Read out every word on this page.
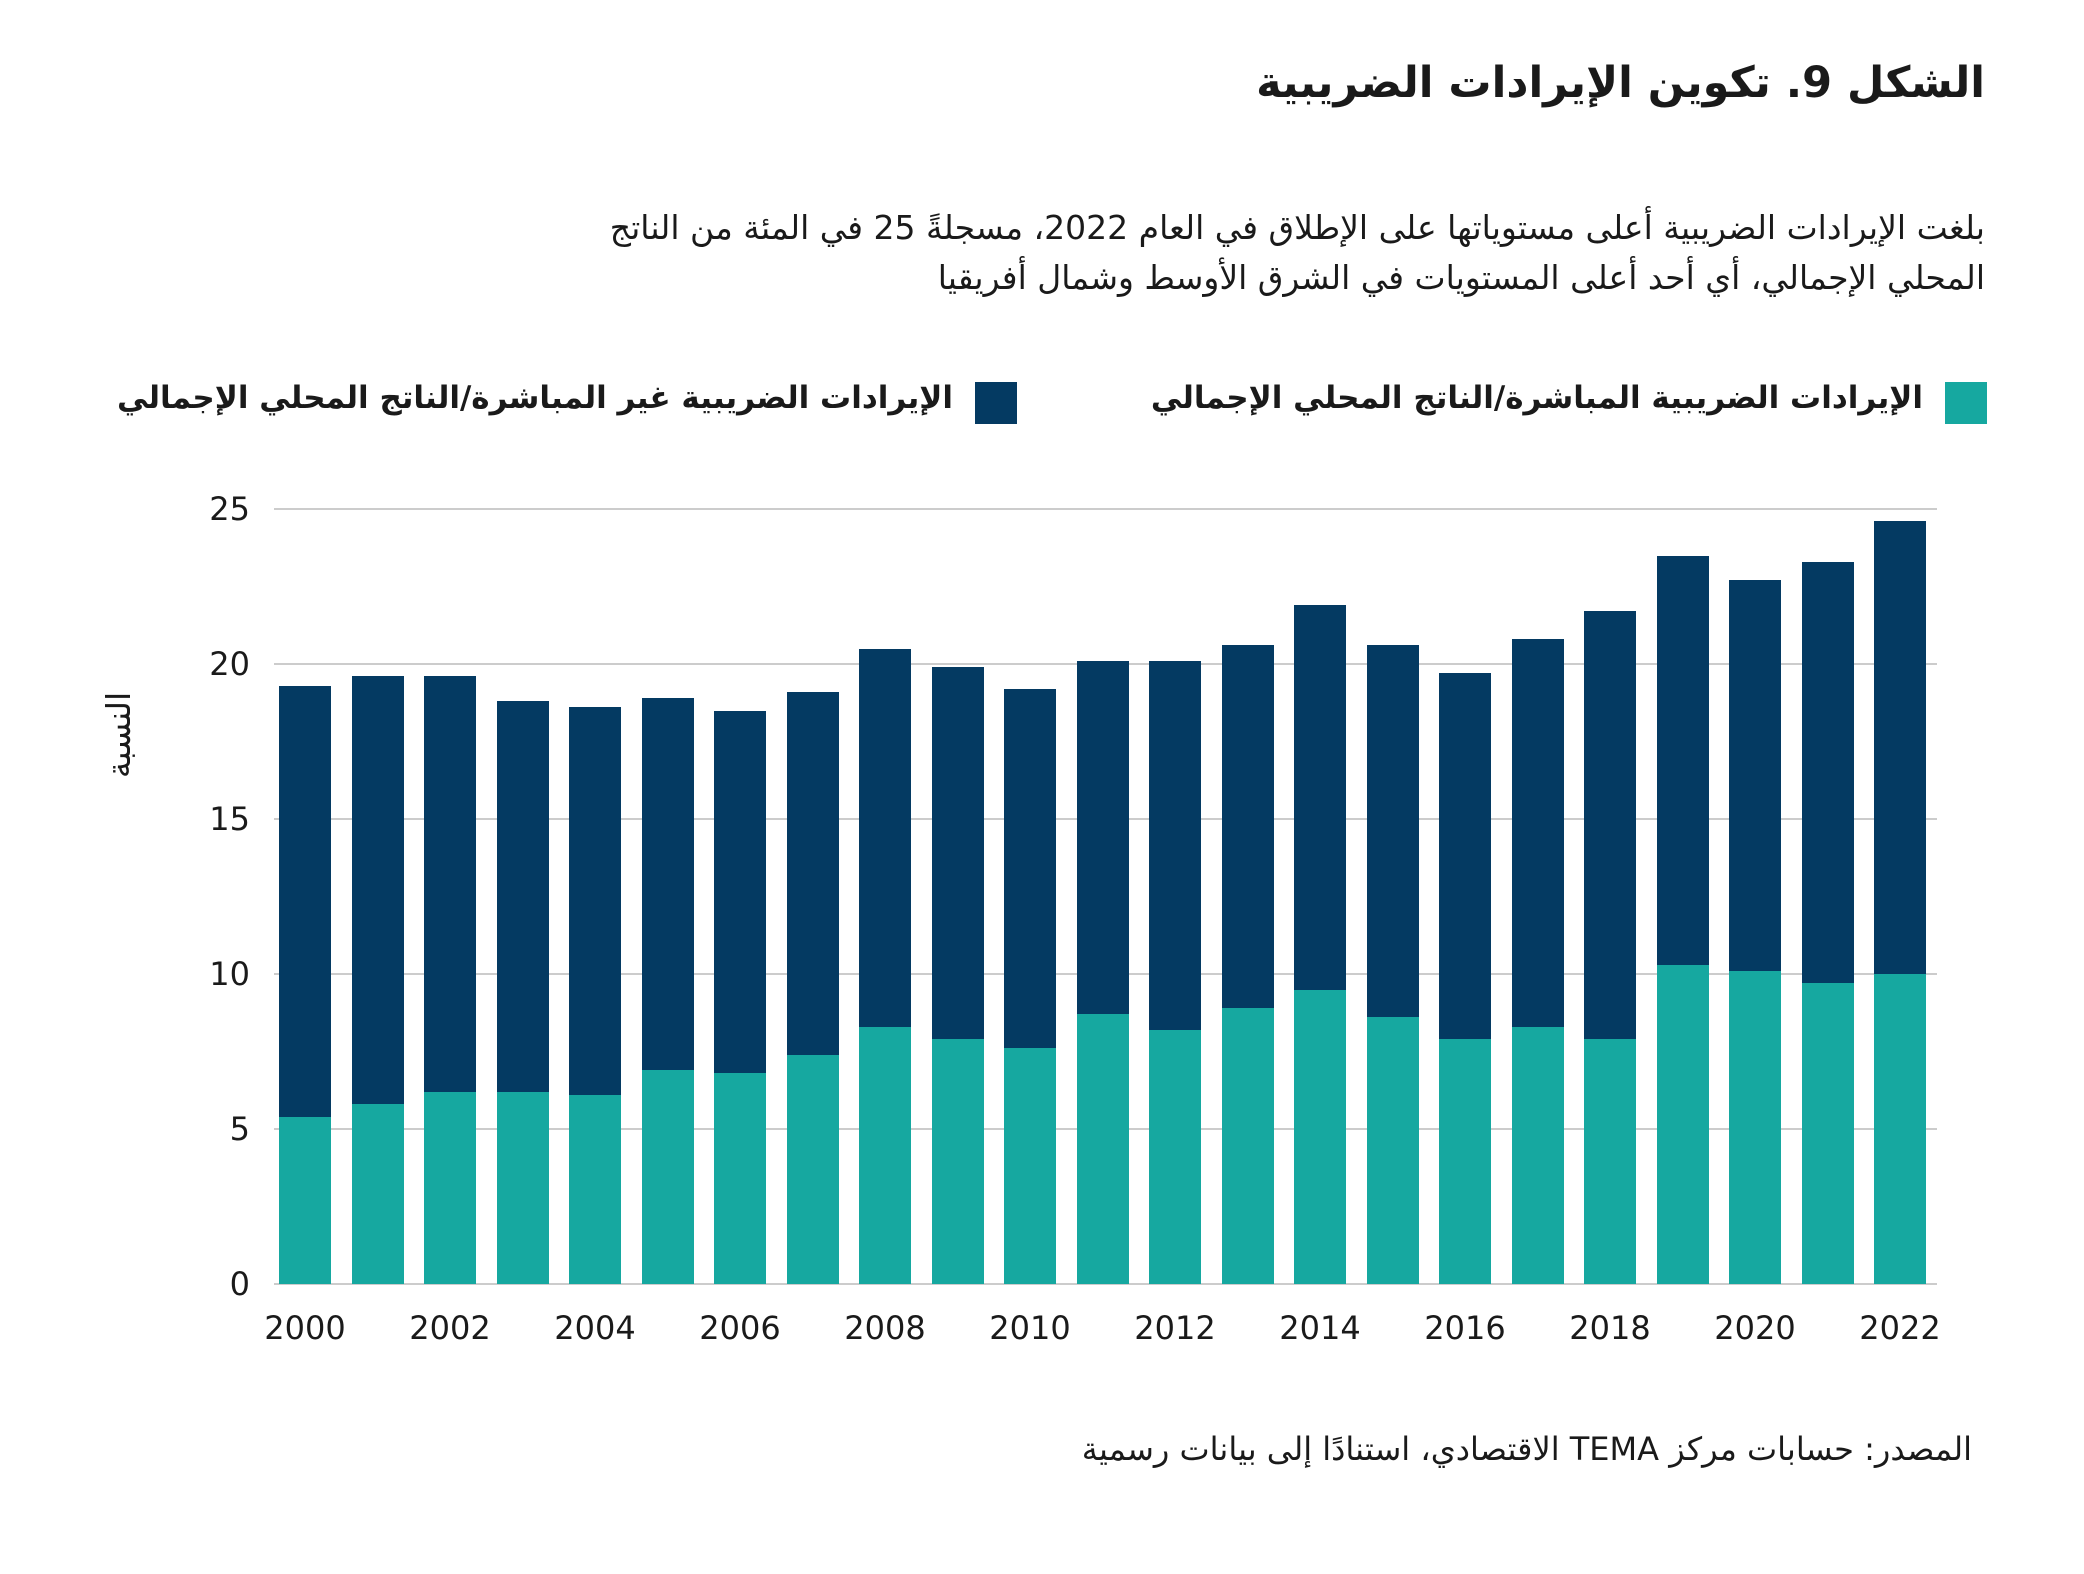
الشكل 9. تكوين الإيرادات الضريبية
بلغت الإيرادات الضريبية أعلى مستوياتها على الإطلاق في العام 2022، مسجلةً 25 في المئة من الناتج
المحلي الإجمالي، أي أحد أعلى المستويات في الشرق الأوسط وشمال أفريقيا
الإيرادات الضريبية المباشرة/الناتج المحلي الإجمالي
الإيرادات الضريبية غير المباشرة/الناتج المحلي الإجمالي
النسبة
0
5
10
15
20
25
2000	2002	2004	2006	2008	2010	2012	2014	2016	2018	2020	2022
المصدر: حسابات مركز TEMA الاقتصادي، استنادًا إلى بيانات رسمية
